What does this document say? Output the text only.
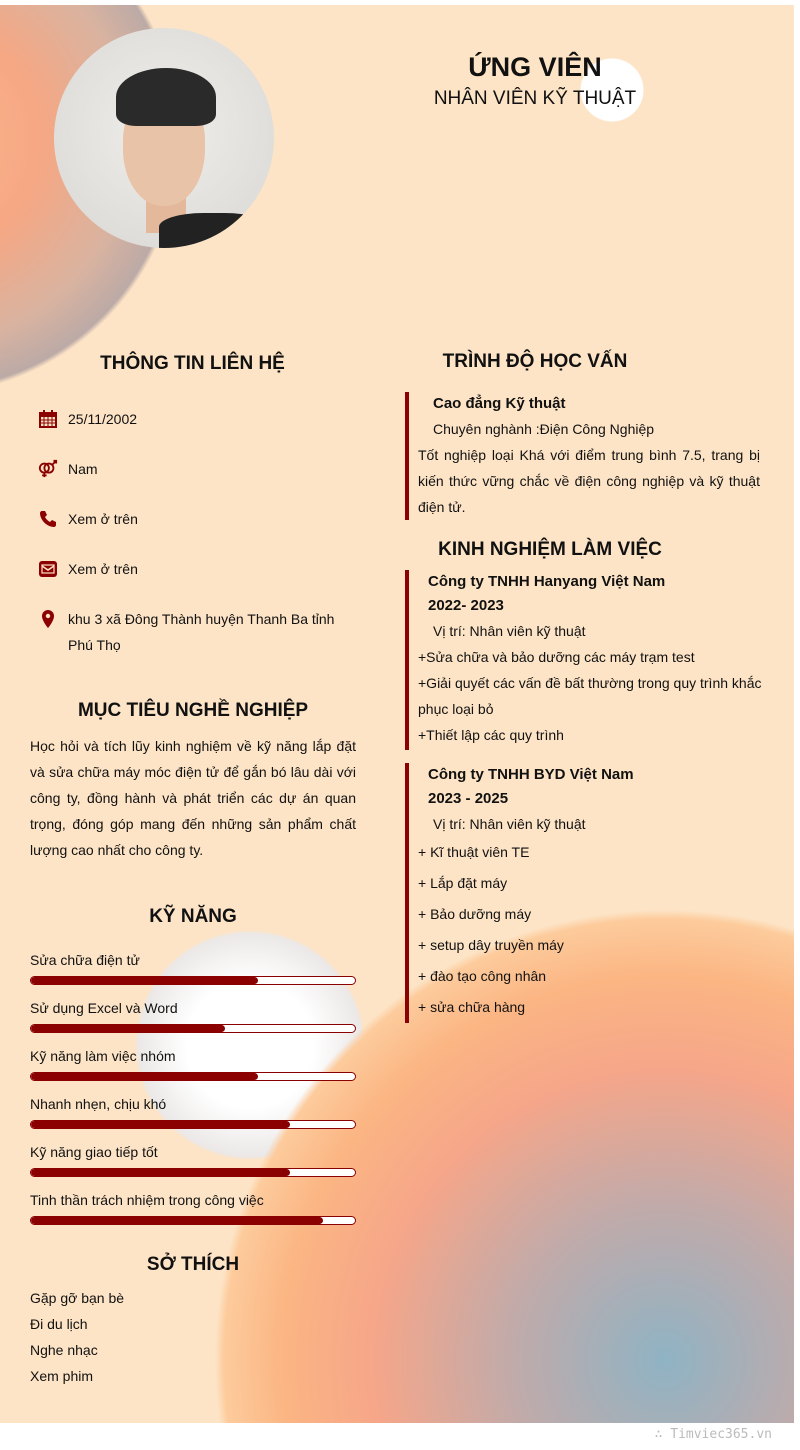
ỨNG VIÊN
NHÂN VIÊN KỸ THUẬT
THÔNG TIN LIÊN HỆ
25/11/2002
Nam
Xem ở trên
Xem ở trên
khu 3 xã Đông Thành huyện Thanh Ba tỉnh Phú Thọ
MỤC TIÊU NGHỀ NGHIỆP
Học hỏi và tích lũy kinh nghiệm về kỹ năng lắp đặt và sửa chữa máy móc điện tử để gắn bó lâu dài với công ty, đồng hành và phát triển các dự án quan trọng, đóng góp mang đến những sản phẩm chất lượng cao nhất cho công ty.
KỸ NĂNG
Sửa chữa điện tử
Sử dụng Excel và Word
Kỹ năng làm việc nhóm
Nhanh nhẹn, chịu khó
Kỹ năng giao tiếp tốt
Tinh thần trách nhiệm trong công việc
SỞ THÍCH
Gặp gỡ bạn bè
Đi du lịch
Nghe nhạc
Xem phim
TRÌNH ĐỘ HỌC VẤN
Cao đẳng Kỹ thuật
Chuyên nghành :Điện Công Nghiệp
Tốt nghiệp loại Khá với điểm trung bình 7.5, trang bị kiến thức vững chắc về điện công nghiệp và kỹ thuật điện tử.
KINH NGHIỆM LÀM VIỆC
Công ty TNHH Hanyang Việt Nam
2022- 2023
Vị trí: Nhân viên kỹ thuật
+Sửa chữa và bảo dưỡng các máy trạm test
+Giải quyết các vấn đề bất thường trong quy trình khắc phục loại bỏ
+Thiết lập các quy trình
Công ty TNHH BYD Việt Nam
2023 - 2025
Vị trí: Nhân viên kỹ thuật
+ Kĩ thuật viên TE
+ Lắp đặt máy
+ Bảo dưỡng máy
+ setup dây truyền máy
+ đào tạo công nhân
+ sửa chữa hàng
∴ Timviec365.vn
